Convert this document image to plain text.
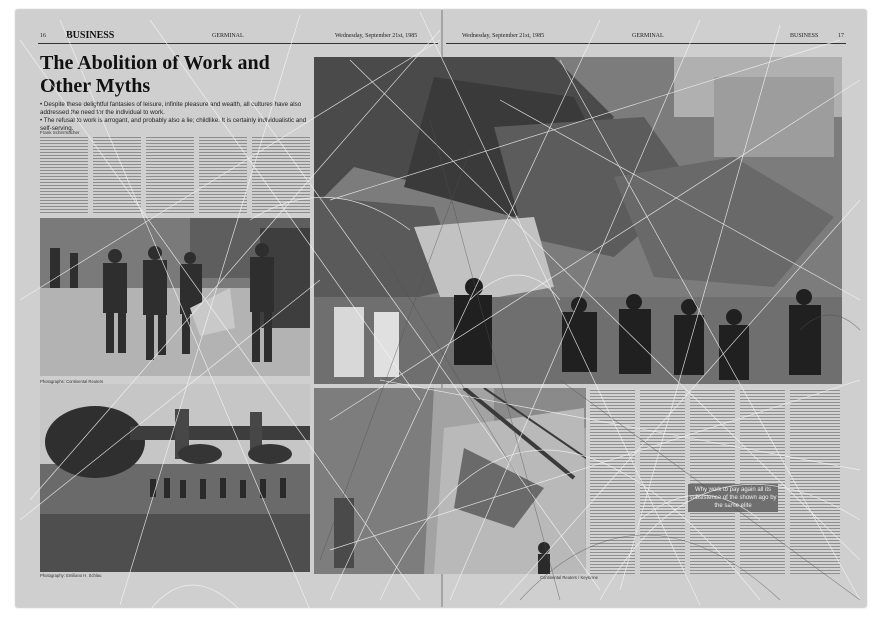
16 BUSINESS	GERMINAL	Wednesday, September 21st, 1985	Wednesday, September 21st, 1985	GERMINAL	BUSINESS	17
The Abolition of Work and Other Myths
• Despite these delightful fantasies of leisure, infinite pleasure and wealth, all cultures have also addressed the need for the individual to work.
• The refusal to work is arrogant, and probably also a lie; childlike. It is certainly individualistic and self-serving.
Frank Schirrmacher
Photographs: Continental Reuters
Photography: Emiliano H. Schlau	Continental Reuters / Keystone
Why work to pay again all its subsistence of the shown ago by the same elite
